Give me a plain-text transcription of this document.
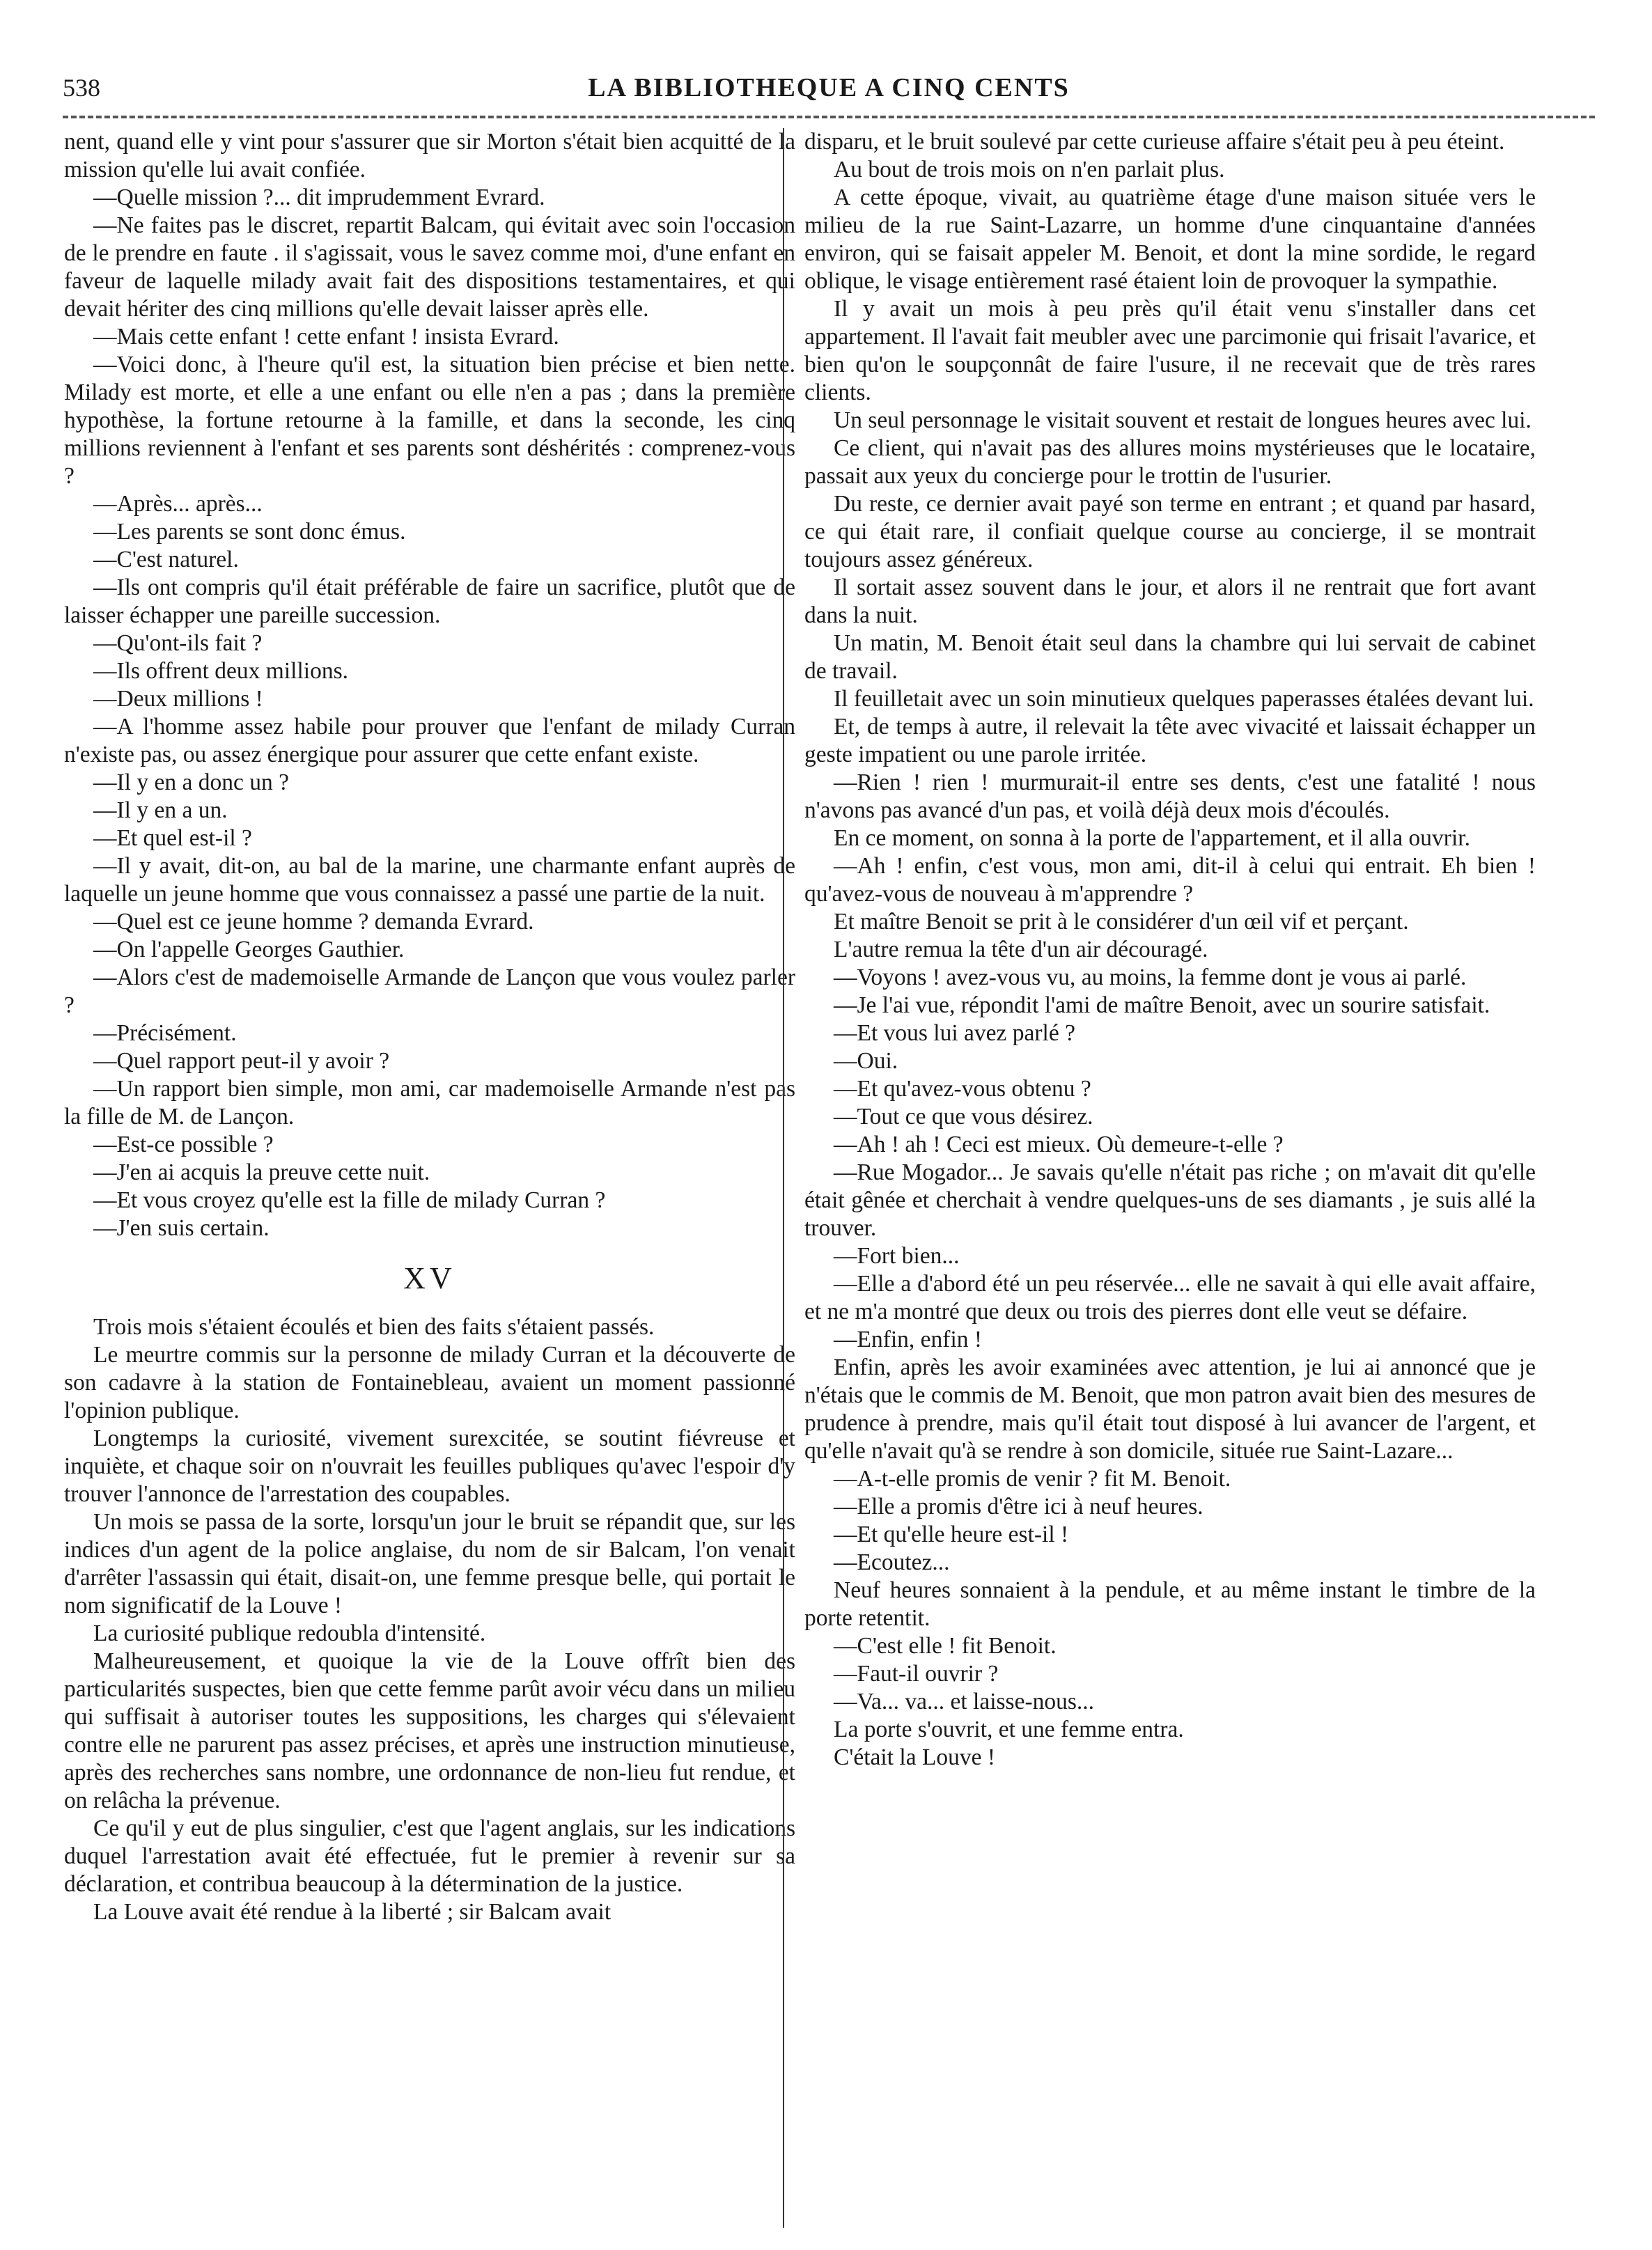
538	LA BIBLIOTHEQUE A CINQ CENTS

nent, quand elle y vint pour s'assurer que sir Morton s'était bien acquitté de la mission qu'elle lui avait confiée.

—Quelle mission ?... dit imprudemment Evrard.

—Ne faites pas le discret, repartit Balcam, qui évitait avec soin l'occasion de le prendre en faute . il s'agissait, vous le savez comme moi, d'une enfant en faveur de laquelle milady avait fait des dispositions testamentaires, et qui devait hériter des cinq millions qu'elle devait laisser après elle.

—Mais cette enfant ! cette enfant ! insista Evrard.

—Voici donc, à l'heure qu'il est, la situation bien précise et bien nette. Milady est morte, et elle a une enfant ou elle n'en a pas ; dans la première hypothèse, la fortune retourne à la famille, et dans la seconde, les cinq millions reviennent à l'enfant et ses parents sont déshérités : comprenez-vous ?

—Après... après...

—Les parents se sont donc émus.

—C'est naturel.

—Ils ont compris qu'il était préférable de faire un sacrifice, plutôt que de laisser échapper une pareille succession.

—Qu'ont-ils fait ?

—Ils offrent deux millions.

—Deux millions !

—A l'homme assez habile pour prouver que l'enfant de milady Curran n'existe pas, ou assez énergique pour assurer que cette enfant existe.

—Il y en a donc un ?

—Il y en a un.

—Et quel est-il ?

—Il y avait, dit-on, au bal de la marine, une charmante enfant auprès de laquelle un jeune homme que vous connaissez a passé une partie de la nuit.

—Quel est ce jeune homme ? demanda Evrard.

—On l'appelle Georges Gauthier.

—Alors c'est de mademoiselle Armande de Lançon que vous voulez parler ?

—Précisément.

—Quel rapport peut-il y avoir ?

—Un rapport bien simple, mon ami, car mademoiselle Armande n'est pas la fille de M. de Lançon.

—Est-ce possible ?

—J'en ai acquis la preuve cette nuit.

—Et vous croyez qu'elle est la fille de milady Curran ?

—J'en suis certain.

XV

Trois mois s'étaient écoulés et bien des faits s'étaient passés.

Le meurtre commis sur la personne de milady Curran et la découverte de son cadavre à la station de Fontainebleau, avaient un moment passionné l'opinion publique.

Longtemps la curiosité, vivement surexcitée, se soutint fiévreuse et inquiète, et chaque soir on n'ouvrait les feuilles publiques qu'avec l'espoir d'y trouver l'annonce de l'arrestation des coupables.

Un mois se passa de la sorte, lorsqu'un jour le bruit se répandit que, sur les indices d'un agent de la police anglaise, du nom de sir Balcam, l'on venait d'arrêter l'assassin qui était, disait-on, une femme presque belle, qui portait le nom significatif de la Louve !

La curiosité publique redoubla d'intensité.

Malheureusement, et quoique la vie de la Louve offrît bien des particularités suspectes, bien que cette femme parût avoir vécu dans un milieu qui suffisait à autoriser toutes les suppositions, les charges qui s'élevaient contre elle ne parurent pas assez précises, et après une instruction minutieuse, après des recherches sans nombre, une ordonnance de non-lieu fut rendue, et on relâcha la prévenue.

Ce qu'il y eut de plus singulier, c'est que l'agent anglais, sur les indications duquel l'arrestation avait été effectuée, fut le premier à revenir sur sa déclaration, et contribua beaucoup à la détermination de la justice.

La Louve avait été rendue à la liberté ; sir Balcam avait

disparu, et le bruit soulevé par cette curieuse affaire s'était peu à peu éteint.

Au bout de trois mois on n'en parlait plus.

A cette époque, vivait, au quatrième étage d'une maison située vers le milieu de la rue Saint-Lazarre, un homme d'une cinquantaine d'années environ, qui se faisait appeler M. Benoit, et dont la mine sordide, le regard oblique, le visage entièrement rasé étaient loin de provoquer la sympathie.

Il y avait un mois à peu près qu'il était venu s'installer dans cet appartement. Il l'avait fait meubler avec une parcimonie qui frisait l'avarice, et bien qu'on le soupçonnât de faire l'usure, il ne recevait que de très rares clients.

Un seul personnage le visitait souvent et restait de longues heures avec lui.

Ce client, qui n'avait pas des allures moins mystérieuses que le locataire, passait aux yeux du concierge pour le trottin de l'usurier.

Du reste, ce dernier avait payé son terme en entrant ; et quand par hasard, ce qui était rare, il confiait quelque course au concierge, il se montrait toujours assez généreux.

Il sortait assez souvent dans le jour, et alors il ne rentrait que fort avant dans la nuit.

Un matin, M. Benoit était seul dans la chambre qui lui servait de cabinet de travail.

Il feuilletait avec un soin minutieux quelques paperasses étalées devant lui.

Et, de temps à autre, il relevait la tête avec vivacité et laissait échapper un geste impatient ou une parole irritée.

—Rien ! rien ! murmurait-il entre ses dents, c'est une fatalité ! nous n'avons pas avancé d'un pas, et voilà déjà deux mois d'écoulés.

En ce moment, on sonna à la porte de l'appartement, et il alla ouvrir.

—Ah ! enfin, c'est vous, mon ami, dit-il à celui qui entrait. Eh bien ! qu'avez-vous de nouveau à m'apprendre ?

Et maître Benoit se prit à le considérer d'un œil vif et perçant.

L'autre remua la tête d'un air découragé.

—Voyons ! avez-vous vu, au moins, la femme dont je vous ai parlé.

—Je l'ai vue, répondit l'ami de maître Benoit, avec un sourire satisfait.

—Et vous lui avez parlé ?

—Oui.

—Et qu'avez-vous obtenu ?

—Tout ce que vous désirez.

—Ah ! ah ! Ceci est mieux. Où demeure-t-elle ?

—Rue Mogador... Je savais qu'elle n'était pas riche ; on m'avait dit qu'elle était gênée et cherchait à vendre quelques-uns de ses diamants , je suis allé la trouver.

—Fort bien...

—Elle a d'abord été un peu réservée... elle ne savait à qui elle avait affaire, et ne m'a montré que deux ou trois des pierres dont elle veut se défaire.

—Enfin, enfin !

Enfin, après les avoir examinées avec attention, je lui ai annoncé que je n'étais que le commis de M. Benoit, que mon patron avait bien des mesures de prudence à prendre, mais qu'il était tout disposé à lui avancer de l'argent, et qu'elle n'avait qu'à se rendre à son domicile, située rue Saint-Lazare...

—A-t-elle promis de venir ? fit M. Benoit.

—Elle a promis d'être ici à neuf heures.

—Et qu'elle heure est-il !

—Ecoutez...

Neuf heures sonnaient à la pendule, et au même instant le timbre de la porte retentit.

—C'est elle ! fit Benoit.

—Faut-il ouvrir ?

—Va... va... et laisse-nous...

La porte s'ouvrit, et une femme entra.

C'était la Louve !
